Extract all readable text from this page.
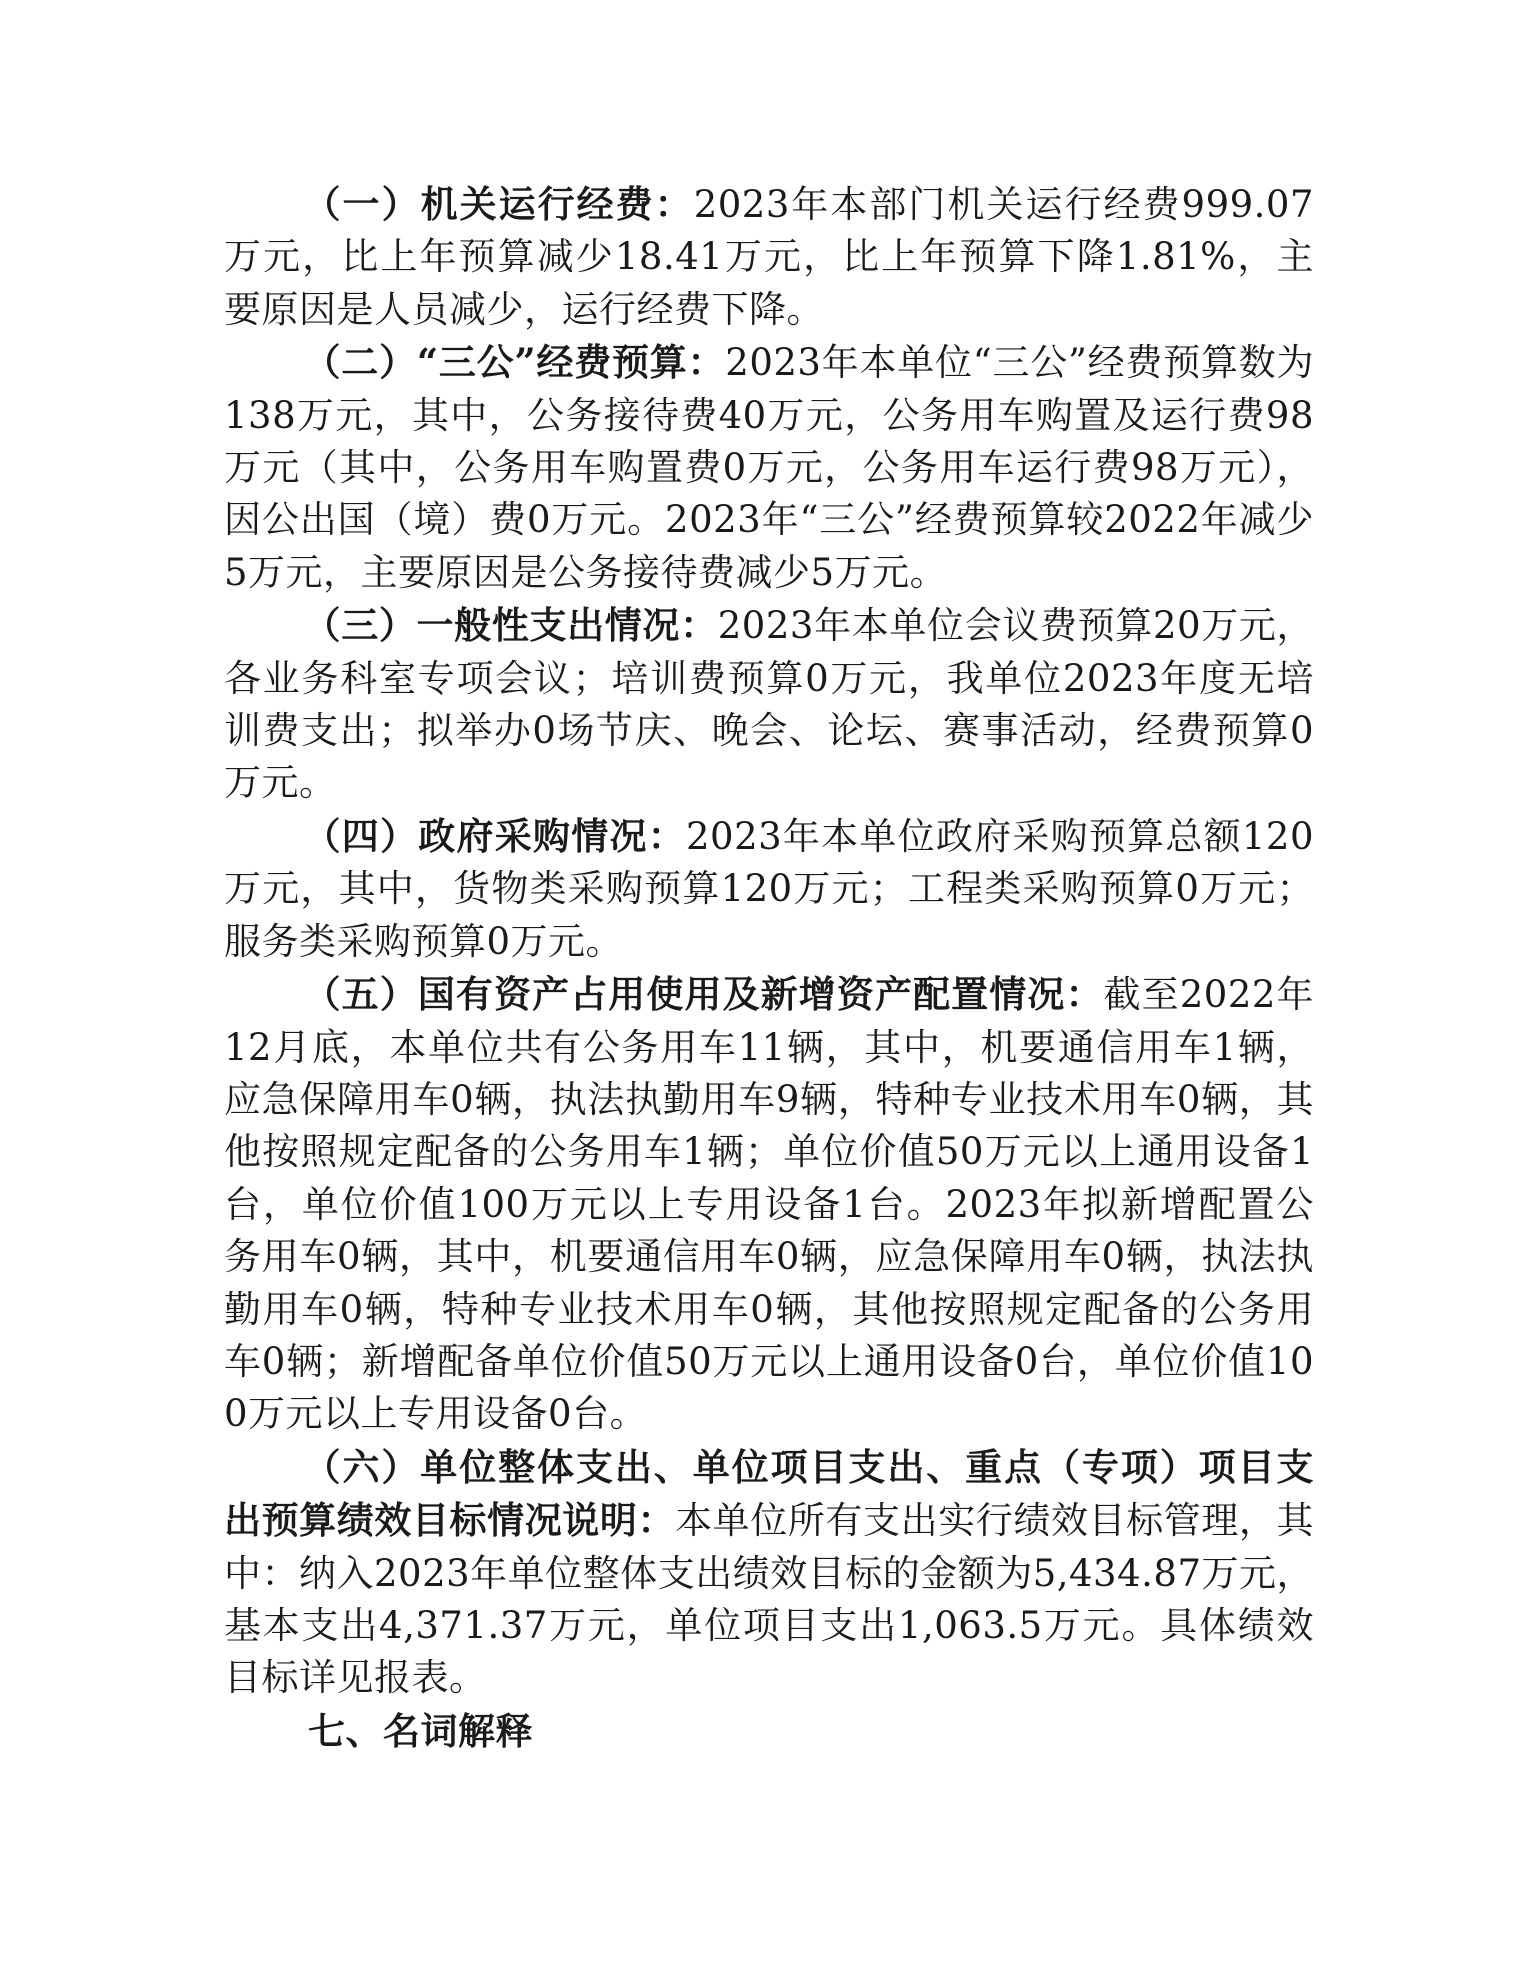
（一）机关运行经费：2023年本部门机关运行经费999.07万元，比上年预算减少18.41万元，比上年预算下降1.81%，主要原因是人员减少，运行经费下降。

（二）“三公”经费预算：2023年本单位“三公”经费预算数为138万元，其中，公务接待费40万元，公务用车购置及运行费98万元（其中，公务用车购置费0万元，公务用车运行费98万元），因公出国（境）费0万元。2023年“三公”经费预算较2022年减少5万元，主要原因是公务接待费减少5万元。

（三）一般性支出情况：2023年本单位会议费预算20万元，各业务科室专项会议；培训费预算0万元，我单位2023年度无培训费支出；拟举办0场节庆、晚会、论坛、赛事活动，经费预算0万元。

（四）政府采购情况：2023年本单位政府采购预算总额120万元，其中，货物类采购预算120万元；工程类采购预算0万元；服务类采购预算0万元。

（五）国有资产占用使用及新增资产配置情况：截至2022年12月底，本单位共有公务用车11辆，其中，机要通信用车1辆，应急保障用车0辆，执法执勤用车9辆，特种专业技术用车0辆，其他按照规定配备的公务用车1辆；单位价值50万元以上通用设备1台，单位价值100万元以上专用设备1台。2023年拟新增配置公务用车0辆，其中，机要通信用车0辆，应急保障用车0辆，执法执勤用车0辆，特种专业技术用车0辆，其他按照规定配备的公务用车0辆；新增配备单位价值50万元以上通用设备0台，单位价值100万元以上专用设备0台。

（六）单位整体支出、单位项目支出、重点（专项）项目支出预算绩效目标情况说明：本单位所有支出实行绩效目标管理，其中：纳入2023年单位整体支出绩效目标的金额为5,434.87万元，基本支出4,371.37万元，单位项目支出1,063.5万元。具体绩效目标详见报表。

七、名词解释
